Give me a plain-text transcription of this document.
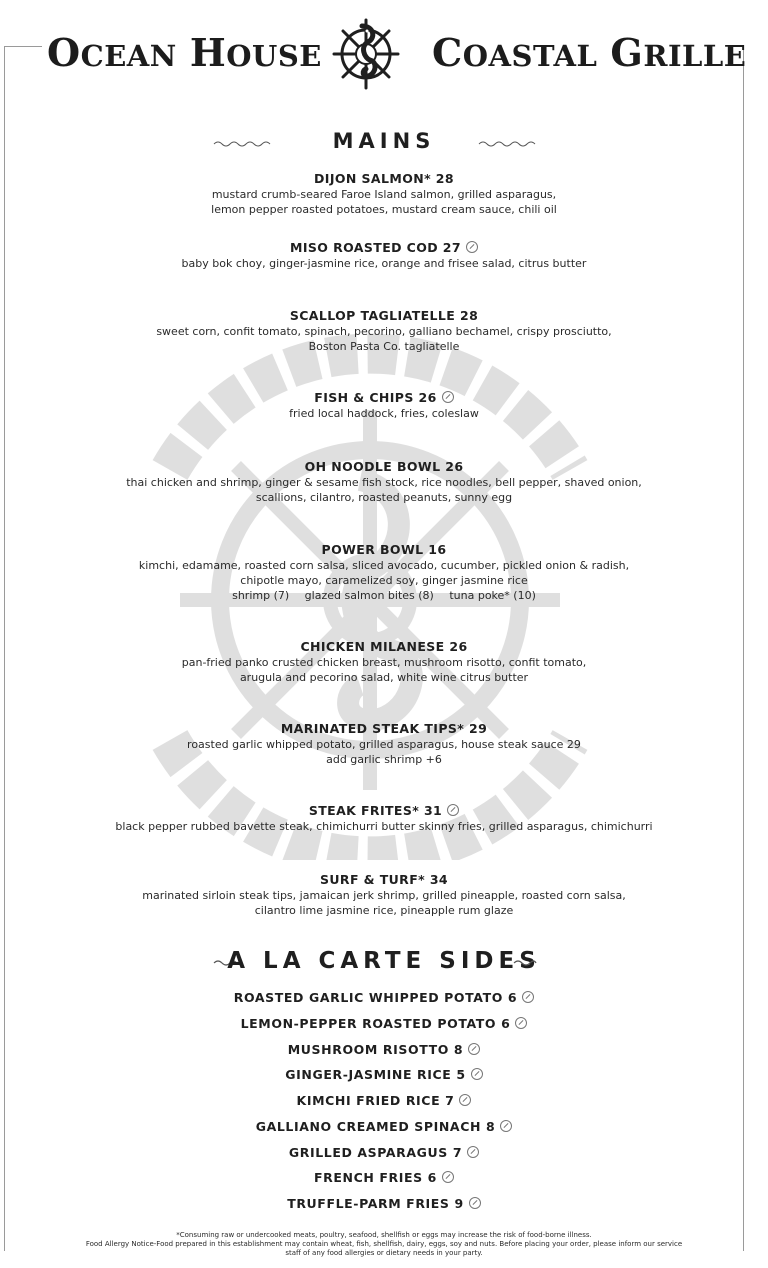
OCEAN HOUSE	COASTAL GRILLE
MAINS
DIJON SALMON* 28
mustard crumb-seared Faroe Island salmon, grilled asparagus,
lemon pepper roasted potatoes, mustard cream sauce, chili oil
MISO ROASTED COD 27
baby bok choy, ginger-jasmine rice, orange and frisee salad, citrus butter
SCALLOP TAGLIATELLE 28
sweet corn, confit tomato, spinach, pecorino, galliano bechamel, crispy prosciutto,
Boston Pasta Co. tagliatelle
FISH & CHIPS 26
fried local haddock, fries, coleslaw
OH NOODLE BOWL 26
thai chicken and shrimp, ginger & sesame fish stock, rice noodles, bell pepper, shaved onion,
scallions, cilantro, roasted peanuts, sunny egg
POWER BOWL 16
kimchi, edamame, roasted corn salsa, sliced avocado, cucumber, pickled onion & radish,
chipotle mayo, caramelized soy, ginger jasmine rice
shrimp (7) glazed salmon bites (8) tuna poke* (10)
CHICKEN MILANESE 26
pan-fried panko crusted chicken breast, mushroom risotto, confit tomato,
arugula and pecorino salad, white wine citrus butter
MARINATED STEAK TIPS* 29
roasted garlic whipped potato, grilled asparagus, house steak sauce 29
add garlic shrimp +6
STEAK FRITES* 31
black pepper rubbed bavette steak, chimichurri butter skinny fries, grilled asparagus, chimichurri
SURF & TURF* 34
marinated sirloin steak tips, jamaican jerk shrimp, grilled pineapple, roasted corn salsa,
cilantro lime jasmine rice, pineapple rum glaze
A LA CARTE SIDES
ROASTED GARLIC WHIPPED POTATO 6
LEMON-PEPPER ROASTED POTATO 6
MUSHROOM RISOTTO 8
GINGER-JASMINE RICE 5
KIMCHI FRIED RICE 7
GALLIANO CREAMED SPINACH 8
GRILLED ASPARAGUS 7
FRENCH FRIES 6
TRUFFLE-PARM FRIES 9
*Consuming raw or undercooked meats, poultry, seafood, shellfish or eggs may increase the risk of food-borne illness.
Food Allergy Notice-Food prepared in this establishment may contain wheat, fish, shellfish, dairy, eggs, soy and nuts. Before placing your order, please inform our service
staff of any food allergies or dietary needs in your party.
